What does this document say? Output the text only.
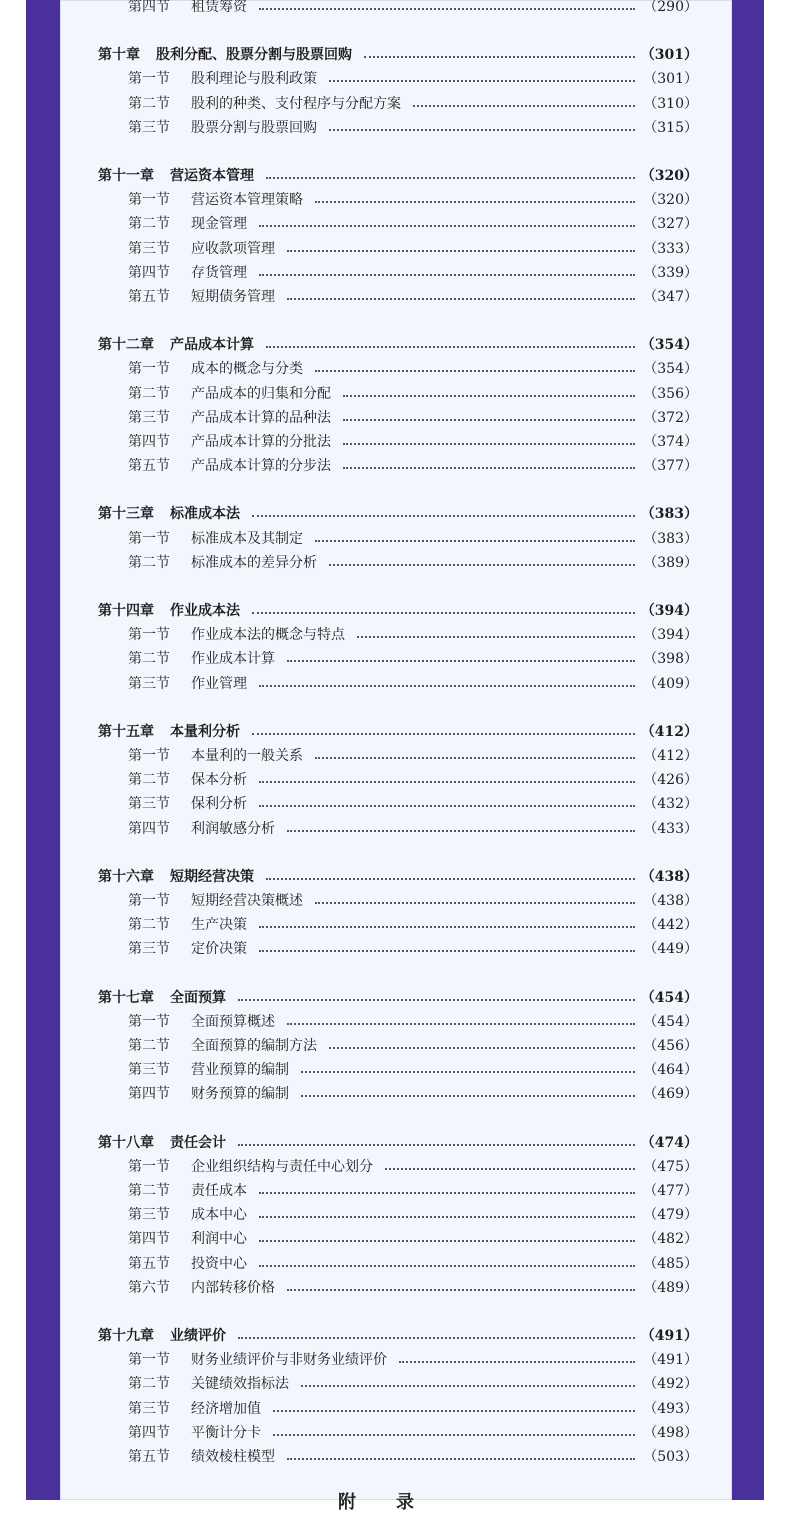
第四节 租赁筹资	（290）
第十章 股利分配、股票分割与股票回购	（301）
第一节 股利理论与股利政策	（301）
第二节 股利的种类、支付程序与分配方案	（310）
第三节 股票分割与股票回购	（315）
第十一章 营运资本管理	（320）
第一节 营运资本管理策略	（320）
第二节 现金管理	（327）
第三节 应收款项管理	（333）
第四节 存货管理	（339）
第五节 短期债务管理	（347）
第十二章 产品成本计算	（354）
第一节 成本的概念与分类	（354）
第二节 产品成本的归集和分配	（356）
第三节 产品成本计算的品种法	（372）
第四节 产品成本计算的分批法	（374）
第五节 产品成本计算的分步法	（377）
第十三章 标准成本法	（383）
第一节 标准成本及其制定	（383）
第二节 标准成本的差异分析	（389）
第十四章 作业成本法	（394）
第一节 作业成本法的概念与特点	（394）
第二节 作业成本计算	（398）
第三节 作业管理	（409）
第十五章 本量利分析	（412）
第一节 本量利的一般关系	（412）
第二节 保本分析	（426）
第三节 保利分析	（432）
第四节 利润敏感分析	（433）
第十六章 短期经营决策	（438）
第一节 短期经营决策概述	（438）
第二节 生产决策	（442）
第三节 定价决策	（449）
第十七章 全面预算	（454）
第一节 全面预算概述	（454）
第二节 全面预算的编制方法	（456）
第三节 营业预算的编制	（464）
第四节 财务预算的编制	（469）
第十八章 责任会计	（474）
第一节 企业组织结构与责任中心划分	（475）
第二节 责任成本	（477）
第三节 成本中心	（479）
第四节 利润中心	（482）
第五节 投资中心	（485）
第六节 内部转移价格	（489）
第十九章 业绩评价	（491）
第一节 财务业绩评价与非财务业绩评价	（491）
第二节 关键绩效指标法	（492）
第三节 经济增加值	（493）
第四节 平衡计分卡	（498）
第五节 绩效棱柱模型	（503）
附录
